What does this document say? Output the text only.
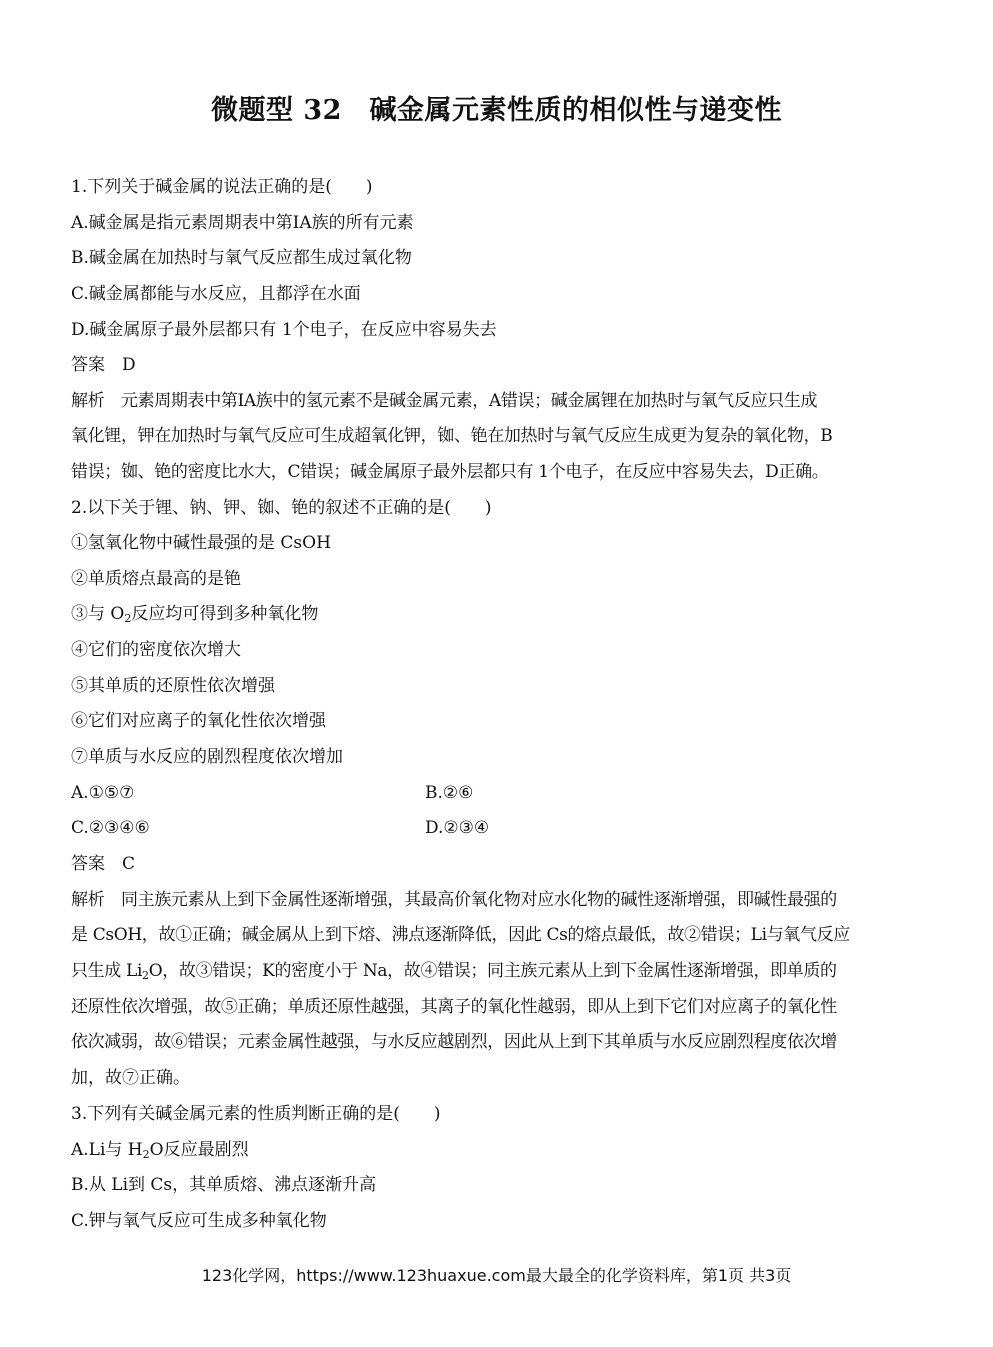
微题型 32　碱金属元素性质的相似性与递变性
1.下列关于碱金属的说法正确的是(　　)
A.碱金属是指元素周期表中第ⅠA族的所有元素
B.碱金属在加热时与氧气反应都生成过氧化物
C.碱金属都能与水反应，且都浮在水面
D.碱金属原子最外层都只有 1个电子，在反应中容易失去
答案　D
解析　元素周期表中第ⅠA族中的氢元素不是碱金属元素，A错误；碱金属锂在加热时与氧气反应只生成
氧化锂，钾在加热时与氧气反应可生成超氧化钾，铷、铯在加热时与氧气反应生成更为复杂的氧化物，B
错误；铷、铯的密度比水大，C错误；碱金属原子最外层都只有 1个电子，在反应中容易失去，D正确。
2.以下关于锂、钠、钾、铷、铯的叙述不正确的是(　　)
①氢氧化物中碱性最强的是 CsOH
②单质熔点最高的是铯
③与 $O_2$反应均可得到多种氧化物
④它们的密度依次增大
⑤其单质的还原性依次增强
⑥它们对应离子的氧化性依次增强
⑦单质与水反应的剧烈程度依次增加
A.①⑤⑦	B.②⑥
C.②③④⑥	D.②③④
答案　C
解析　同主族元素从上到下金属性逐渐增强，其最高价氧化物对应水化物的碱性逐渐增强，即碱性最强的
是 CsOH，故①正确；碱金属从上到下熔、沸点逐渐降低，因此 Cs的熔点最低，故②错误；Li与氧气反应
只生成 $Li_2O$，故③错误；K的密度小于 Na，故④错误；同主族元素从上到下金属性逐渐增强，即单质的
还原性依次增强，故⑤正确；单质还原性越强，其离子的氧化性越弱，即从上到下它们对应离子的氧化性
依次减弱，故⑥错误；元素金属性越强，与水反应越剧烈，因此从上到下其单质与水反应剧烈程度依次增
加，故⑦正确。
3.下列有关碱金属元素的性质判断正确的是(　　)
A.Li与 $H_2O$反应最剧烈
B.从 Li到 Cs，其单质熔、沸点逐渐升高
C.钾与氧气反应可生成多种氧化物
123化学网，https://www.123huaxue.com最大最全的化学资料库，第1页 共3页
